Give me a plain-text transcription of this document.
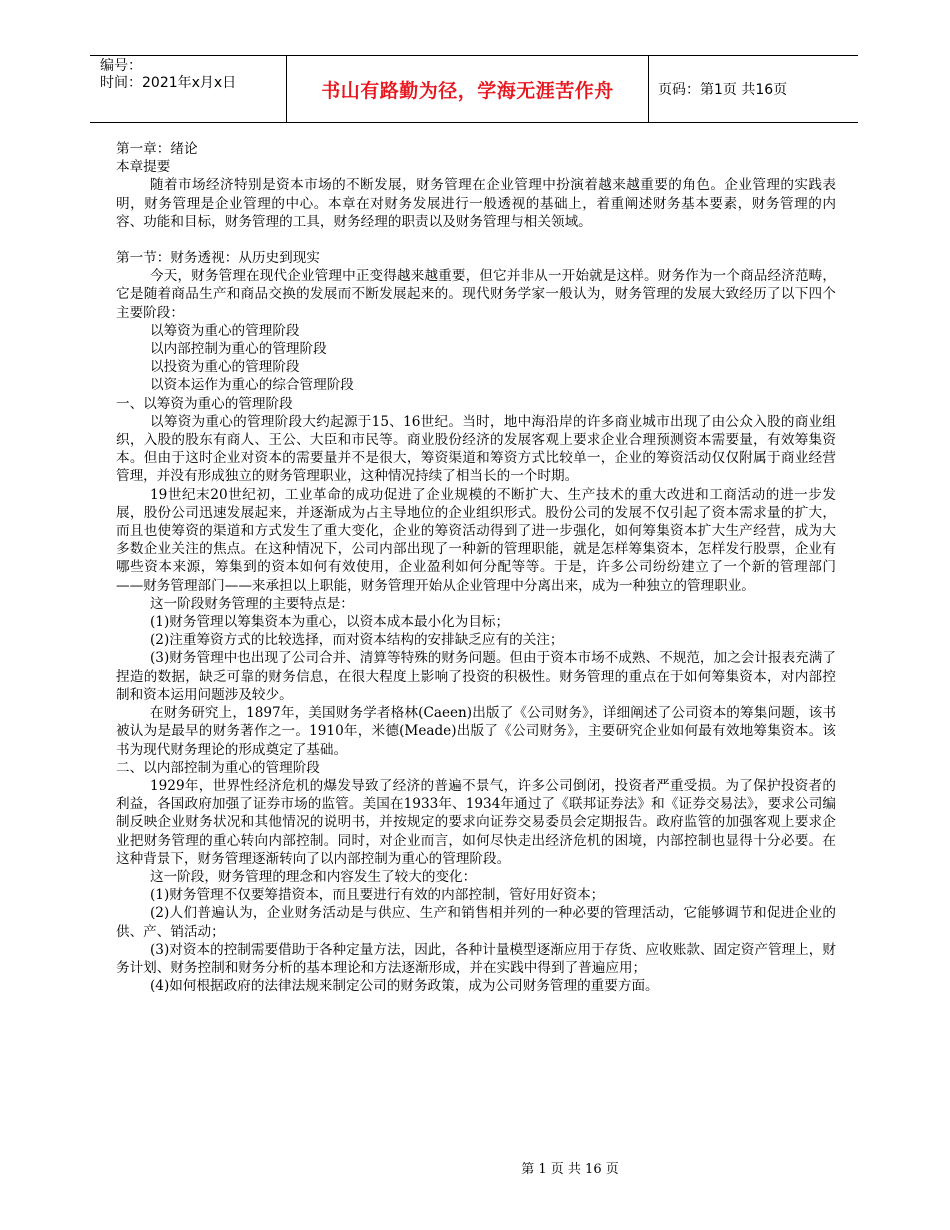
编号：
时间：2021年x月x日	书山有路勤为径，学海无涯苦作舟	页码：第1页 共16页

第一章：绪论

本章提要

随着市场经济特别是资本市场的不断发展，财务管理在企业管理中扮演着越来越重要的角色。企业管理的实践表明，财务管理是企业管理的中心。本章在对财务发展进行一般透视的基础上，着重阐述财务基本要素，财务管理的内容、功能和目标，财务管理的工具，财务经理的职责以及财务管理与相关领域。

第一节：财务透视：从历史到现实

今天，财务管理在现代企业管理中正变得越来越重要，但它并非从一开始就是这样。财务作为一个商品经济范畴，它是随着商品生产和商品交换的发展而不断发展起来的。现代财务学家一般认为，财务管理的发展大致经历了以下四个主要阶段：

以筹资为重心的管理阶段

以内部控制为重心的管理阶段

以投资为重心的管理阶段

以资本运作为重心的综合管理阶段

一、以筹资为重心的管理阶段

以筹资为重心的管理阶段大约起源于15、16世纪。当时，地中海沿岸的许多商业城市出现了由公众入股的商业组织，入股的股东有商人、王公、大臣和市民等。商业股份经济的发展客观上要求企业合理预测资本需要量，有效筹集资本。但由于这时企业对资本的需要量并不是很大，筹资渠道和筹资方式比较单一，企业的筹资活动仅仅附属于商业经营管理，并没有形成独立的财务管理职业，这种情况持续了相当长的一个时期。

19世纪末20世纪初，工业革命的成功促进了企业规模的不断扩大、生产技术的重大改进和工商活动的进一步发展，股份公司迅速发展起来，并逐渐成为占主导地位的企业组织形式。股份公司的发展不仅引起了资本需求量的扩大，而且也使筹资的渠道和方式发生了重大变化，企业的筹资活动得到了进一步强化，如何筹集资本扩大生产经营，成为大多数企业关注的焦点。在这种情况下，公司内部出现了一种新的管理职能，就是怎样筹集资本，怎样发行股票，企业有哪些资本来源，筹集到的资本如何有效使用，企业盈利如何分配等等。于是，许多公司纷纷建立了一个新的管理部门——财务管理部门——来承担以上职能，财务管理开始从企业管理中分离出来，成为一种独立的管理职业。

这一阶段财务管理的主要特点是：

(1)财务管理以筹集资本为重心，以资本成本最小化为目标；

(2)注重筹资方式的比较选择，而对资本结构的安排缺乏应有的关注；

(3)财务管理中也出现了公司合并、清算等特殊的财务问题。但由于资本市场不成熟、不规范，加之会计报表充满了捏造的数据，缺乏可靠的财务信息，在很大程度上影响了投资的积极性。财务管理的重点在于如何筹集资本，对内部控制和资本运用问题涉及较少。

在财务研究上，1897年，美国财务学者格林(Caeen)出版了《公司财务》，详细阐述了公司资本的筹集问题，该书被认为是最早的财务著作之一。1910年，米德(Meade)出版了《公司财务》，主要研究企业如何最有效地筹集资本。该书为现代财务理论的形成奠定了基础。

二、以内部控制为重心的管理阶段

1929年，世界性经济危机的爆发导致了经济的普遍不景气，许多公司倒闭，投资者严重受损。为了保护投资者的利益，各国政府加强了证券市场的监管。美国在1933年、1934年通过了《联邦证券法》和《证券交易法》，要求公司编制反映企业财务状况和其他情况的说明书，并按规定的要求向证券交易委员会定期报告。政府监管的加强客观上要求企业把财务管理的重心转向内部控制。同时，对企业而言，如何尽快走出经济危机的困境，内部控制也显得十分必要。在这种背景下，财务管理逐渐转向了以内部控制为重心的管理阶段。

这一阶段，财务管理的理念和内容发生了较大的变化：

(1)财务管理不仅要筹措资本，而且要进行有效的内部控制，管好用好资本；

(2)人们普遍认为，企业财务活动是与供应、生产和销售相并列的一种必要的管理活动，它能够调节和促进企业的供、产、销活动；

(3)对资本的控制需要借助于各种定量方法，因此，各种计量模型逐渐应用于存货、应收账款、固定资产管理上，财务计划、财务控制和财务分析的基本理论和方法逐渐形成，并在实践中得到了普遍应用；

(4)如何根据政府的法律法规来制定公司的财务政策，成为公司财务管理的重要方面。

第 1 页 共 16 页
